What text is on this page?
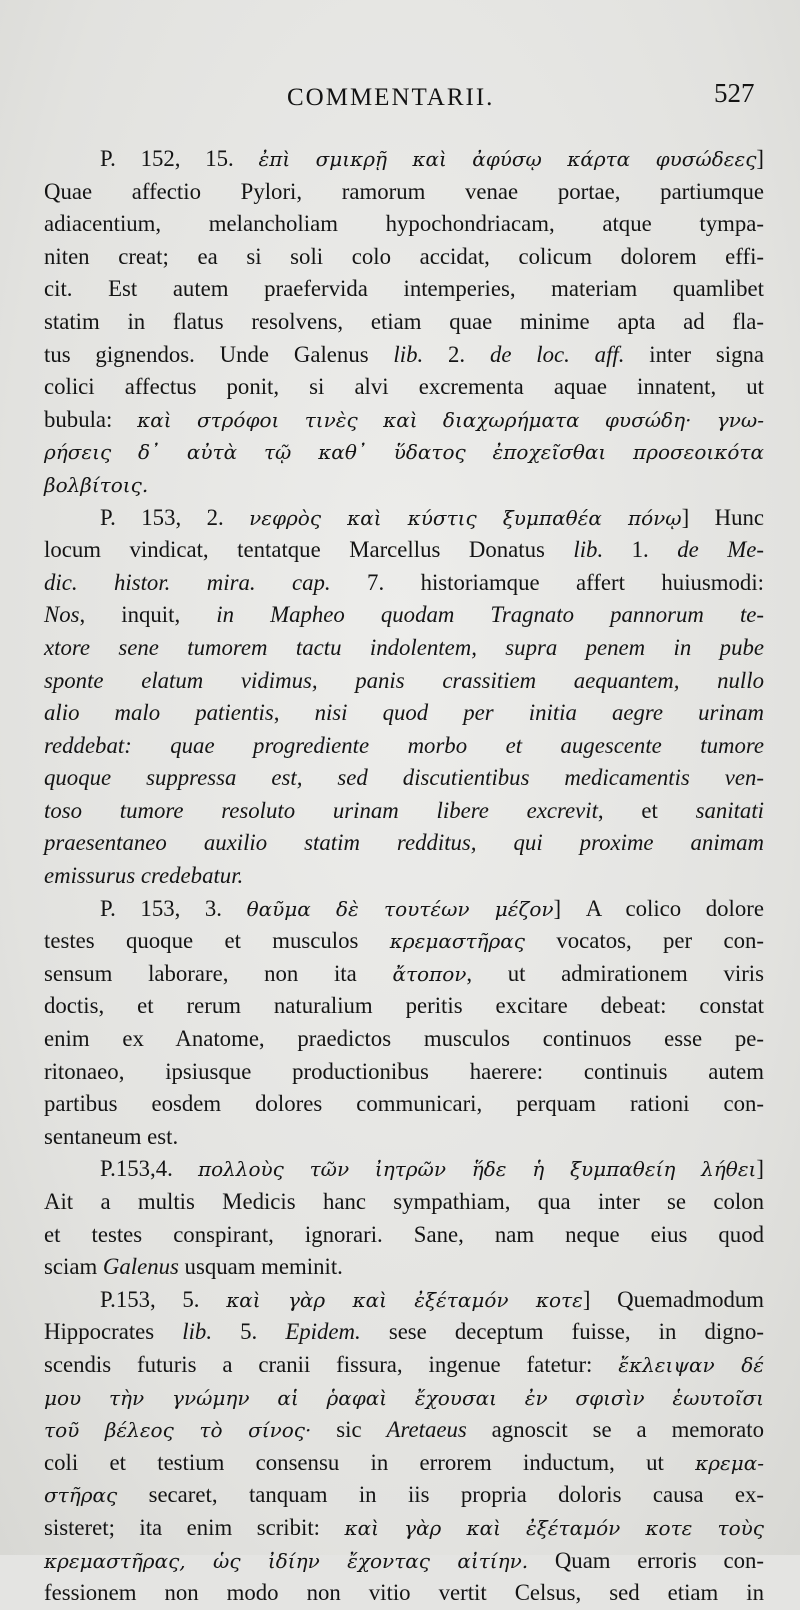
COMMENTARII.	527
P. 152, 15. ἐπὶ σμικρῇ καὶ ἀφύσῳ κάρτα φυσώδεες]
Quae affectio Pylori, ramorum venae portae, partiumque
adiacentium, melancholiam hypochondriacam, atque tympa-
niten creat; ea si soli colo accidat, colicum dolorem effi-
cit. Est autem praefervida intemperies, materiam quamlibet
statim in flatus resolvens, etiam quae minime apta ad fla-
tus gignendos. Unde Galenus lib. 2. de loc. aff. inter signa
colici affectus ponit, si alvi excrementa aquae innatent, ut
bubula: καὶ στρόφοι τινὲς καὶ διαχωρήματα φυσώδη· γνω-
ρήσεις δ᾽ αὐτὰ τῷ καθ᾽ ὕδατος ἐποχεῖσθαι προσεοικότα
βολβίτοις.
P. 153, 2. νεφρὸς καὶ κύστις ξυμπαθέα πόνῳ] Hunc
locum vindicat, tentatque Marcellus Donatus lib. 1. de Me-
dic. histor. mira. cap. 7. historiamque affert huiusmodi:
Nos, inquit, in Mapheo quodam Tragnato pannorum te-
xtore sene tumorem tactu indolentem, supra penem in pube
sponte elatum vidimus, panis crassitiem aequantem, nullo
alio malo patientis, nisi quod per initia aegre urinam
reddebat: quae progrediente morbo et augescente tumore
quoque suppressa est, sed discutientibus medicamentis ven-
toso tumore resoluto urinam libere excrevit, et sanitati
praesentaneo auxilio statim redditus, qui proxime animam
emissurus credebatur.
P. 153, 3. θαῦμα δὲ τουτέων μέζον] A colico dolore
testes quoque et musculos κρεμαστῆρας vocatos, per con-
sensum laborare, non ita ἄτοπον, ut admirationem viris
doctis, et rerum naturalium peritis excitare debeat: constat
enim ex Anatome, praedictos musculos continuos esse pe-
ritonaeo, ipsiusque productionibus haerere: continuis autem
partibus eosdem dolores communicari, perquam rationi con-
sentaneum est.
P.153,4. πολλοὺς τῶν ἰητρῶν ἥδε ἡ ξυμπαθείη λήθει]
Ait a multis Medicis hanc sympathiam, qua inter se colon
et testes conspirant, ignorari. Sane, nam neque eius quod
sciam Galenus usquam meminit.
P.153, 5. καὶ γὰρ καὶ ἐξέταμόν κοτε] Quemadmodum
Hippocrates lib. 5. Epidem. sese deceptum fuisse, in digno-
scendis futuris a cranii fissura, ingenue fatetur: ἔκλειψαν δέ
μου τὴν γνώμην αἱ ῥαφαὶ ἔχουσαι ἐν σφισὶν ἑωυτοῖσι
τοῦ βέλεος τὸ σίνος· sic Aretaeus agnoscit se a memorato
coli et testium consensu in errorem inductum, ut κρεμα-
στῆρας secaret, tanquam in iis propria doloris causa ex-
sisteret; ita enim scribit: καὶ γὰρ καὶ ἐξέταμόν κοτε τοὺς
κρεμαστῆρας, ὡς ἰδίην ἔχοντας αἰτίην. Quam erroris con-
fessionem non modo non vitio vertit Celsus, sed etiam in
